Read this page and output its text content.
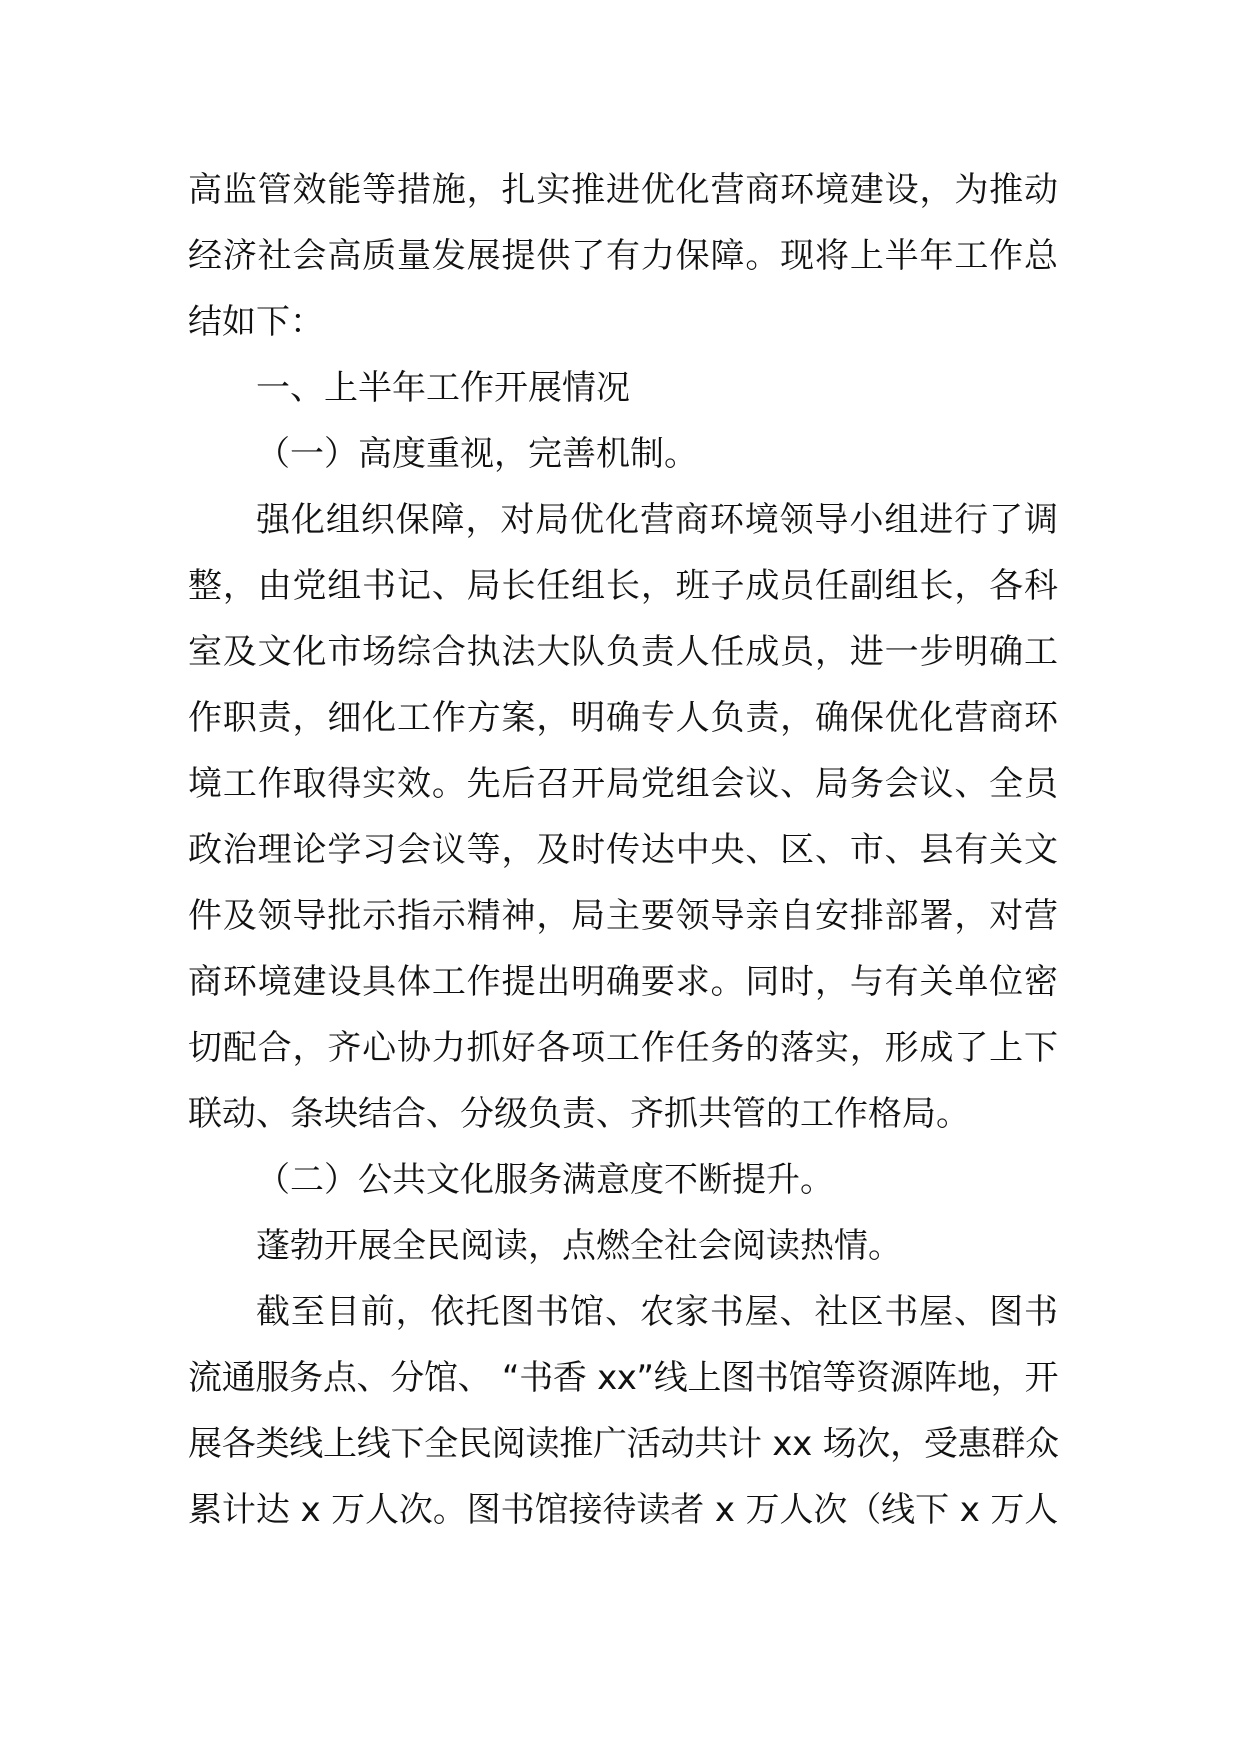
高监管效能等措施，扎实推进优化营商环境建设，为推动
经济社会高质量发展提供了有力保障。现将上半年工作总
结如下：
一、上半年工作开展情况
（一）高度重视，完善机制。
强化组织保障，对局优化营商环境领导小组进行了调
整，由党组书记、局长任组长，班子成员任副组长，各科
室及文化市场综合执法大队负责人任成员，进一步明确工
作职责，细化工作方案，明确专人负责，确保优化营商环
境工作取得实效。先后召开局党组会议、局务会议、全员
政治理论学习会议等，及时传达中央、区、市、县有关文
件及领导批示指示精神，局主要领导亲自安排部署，对营
商环境建设具体工作提出明确要求。同时，与有关单位密
切配合，齐心协力抓好各项工作任务的落实，形成了上下
联动、条块结合、分级负责、齐抓共管的工作格局。
（二）公共文化服务满意度不断提升。
蓬勃开展全民阅读，点燃全社会阅读热情。
截至目前，依托图书馆、农家书屋、社区书屋、图书
流通服务点、分馆、 “书香 xx”线上图书馆等资源阵地，开
展各类线上线下全民阅读推广活动共计 xx 场次，受惠群众
累计达 x 万人次。图书馆接待读者 x 万人次（线下 x 万人
